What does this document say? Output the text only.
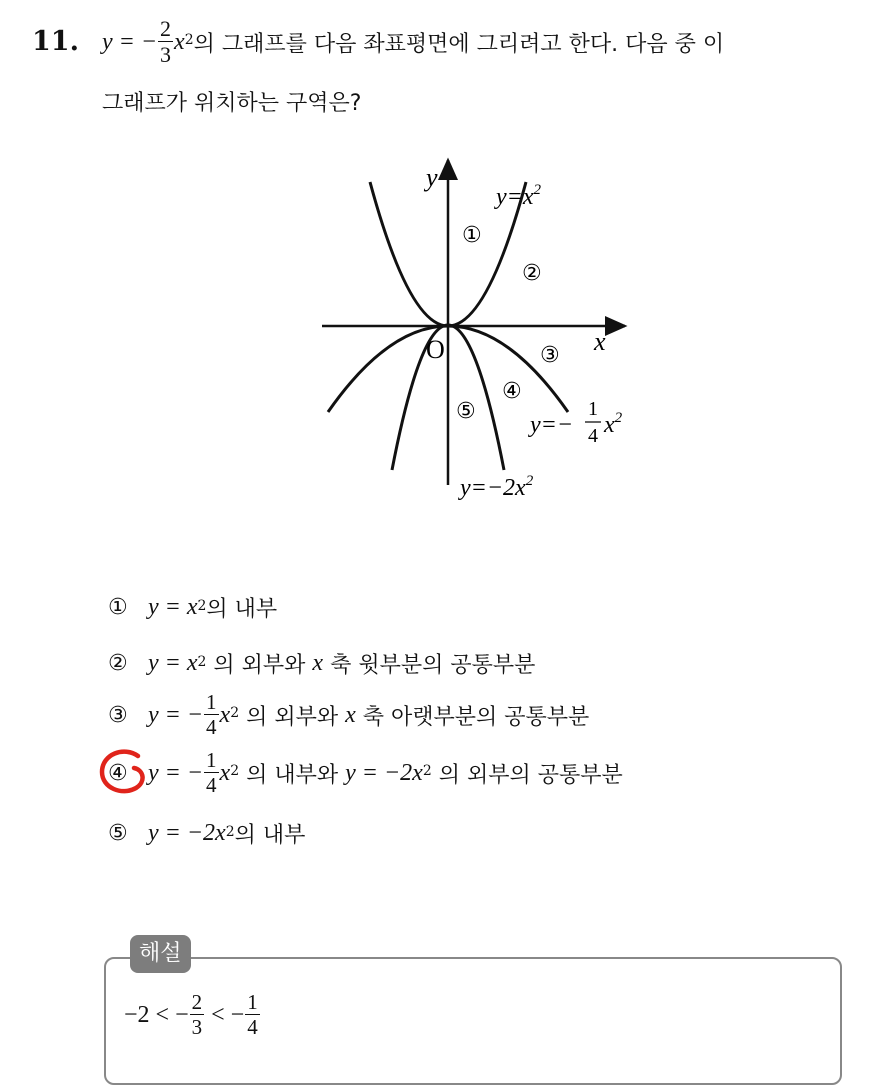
11. y = − $\frac{2}{3}$ x 2 의 그래프를 다음 좌표평면에 그리려고 한다. 다음 중 이
그래프가 위치하는 구역은?
y
x
O
$y=x^2$
y=−
1
4 $x^2$
$y=-2x^2$
①
②
③
④
⑤
① y = x 2 의 내부
② y = x 2 의 외부와 x 축 윗부분의 공통부분
③ y = − $\frac{1}{4}$ x 2 의 외부와 x 축 아랫부분의 공통부분
④ y = − $\frac{1}{4}$ x 2 의 내부와 y = −2x 2 의 외부의 공통부분
⑤ y = −2x 2 의 내부
해설
−2 < − $\frac{2}{3}$ < − $\frac{1}{4}$
